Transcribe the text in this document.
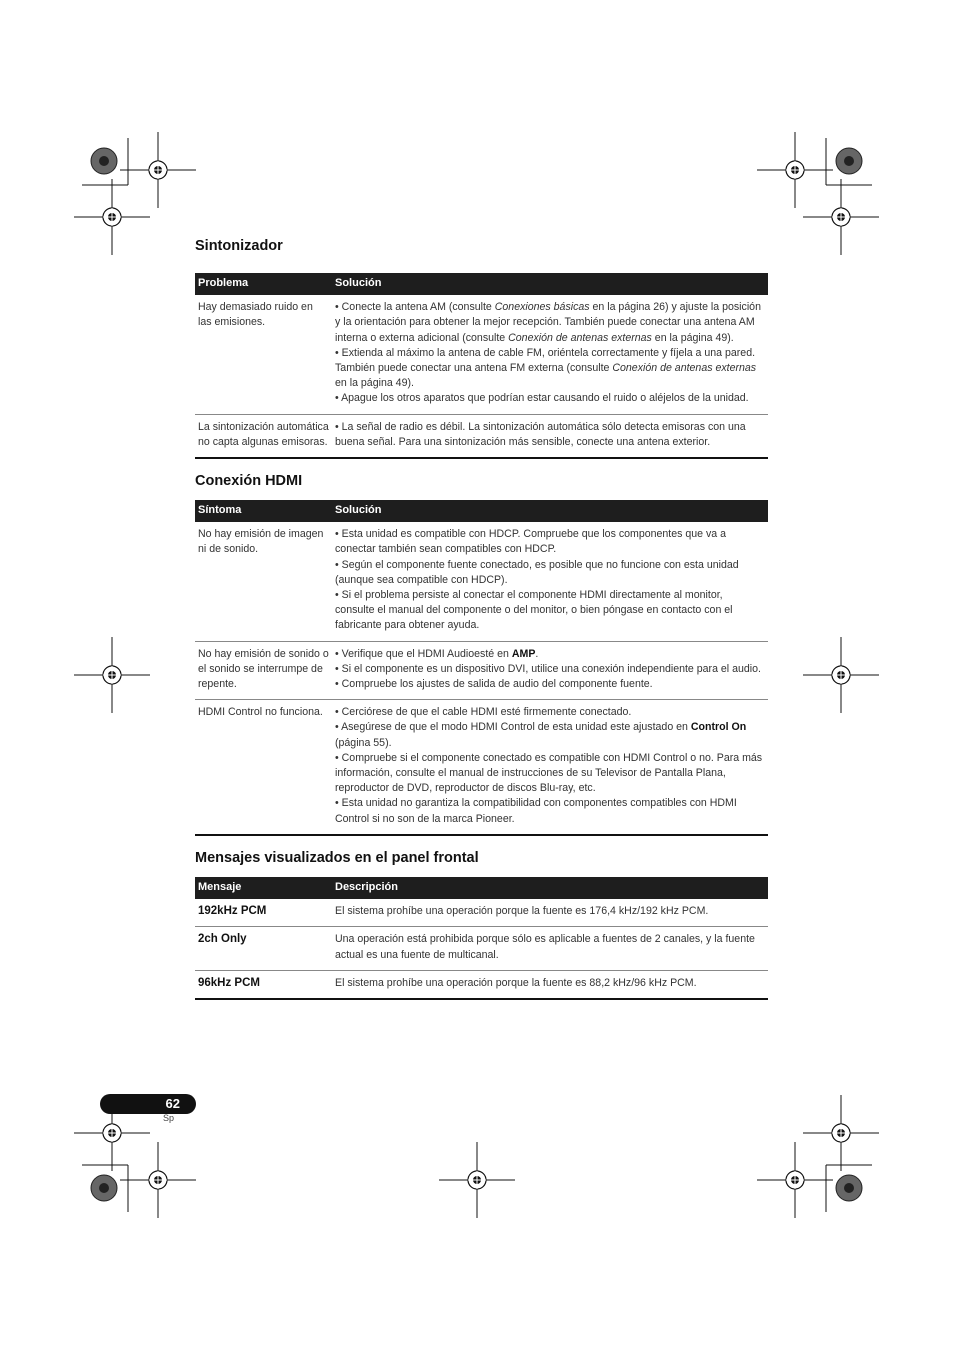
Sintonizador
Problema	Solución
Hay demasiado ruido en las emisiones.	• Conecte la antena AM (consulte Conexiones básicas en la página 26) y ajuste la posición y la orientación para obtener la mejor recepción. También puede conectar una antena AM interna o externa adicional (consulte Conexión de antenas externas en la página 49).
• Extienda al máximo la antena de cable FM, oriéntela correctamente y fíjela a una pared. También puede conectar una antena FM externa (consulte Conexión de antenas externas en la página 49).
• Apague los otros aparatos que podrían estar causando el ruido o aléjelos de la unidad.

La sintonización automática no capta algunas emisoras.	• La señal de radio es débil. La sintonización automática sólo detecta emisoras con una buena señal. Para una sintonización más sensible, conecte una antena exterior.
Conexión HDMI
Síntoma	Solución
No hay emisión de imagen ni de sonido.	• Esta unidad es compatible con HDCP. Compruebe que los componentes que va a conectar también sean compatibles con HDCP.
• Según el componente fuente conectado, es posible que no funcione con esta unidad (aunque sea compatible con HDCP).
• Si el problema persiste al conectar el componente HDMI directamente al monitor, consulte el manual del componente o del monitor, o bien póngase en contacto con el fabricante para obtener ayuda.

No hay emisión de sonido o el sonido se interrumpe de repente.	• Verifique que el HDMI Audioesté en AMP.
• Si el componente es un dispositivo DVI, utilice una conexión independiente para el audio.
• Compruebe los ajustes de salida de audio del componente fuente.

HDMI Control no funciona.	• Cerciórese de que el cable HDMI esté firmemente conectado.
• Asegúrese de que el modo HDMI Control de esta unidad este ajustado en Control On (página 55).
• Compruebe si el componente conectado es compatible con HDMI Control o no. Para más información, consulte el manual de instrucciones de su Televisor de Pantalla Plana, reproductor de DVD, reproductor de discos Blu-ray, etc.
• Esta unidad no garantiza la compatibilidad con componentes compatibles con HDMI Control si no son de la marca Pioneer.
Mensajes visualizados en el panel frontal
Mensaje	Descripción
192kHz PCM	El sistema prohíbe una operación porque la fuente es 176,4 kHz/192 kHz PCM.
2ch Only	Una operación está prohibida porque sólo es aplicable a fuentes de 2 canales, y la fuente actual es una fuente de multicanal.
96kHz PCM	El sistema prohíbe una operación porque la fuente es 88,2 kHz/96 kHz PCM.
62
Sp
